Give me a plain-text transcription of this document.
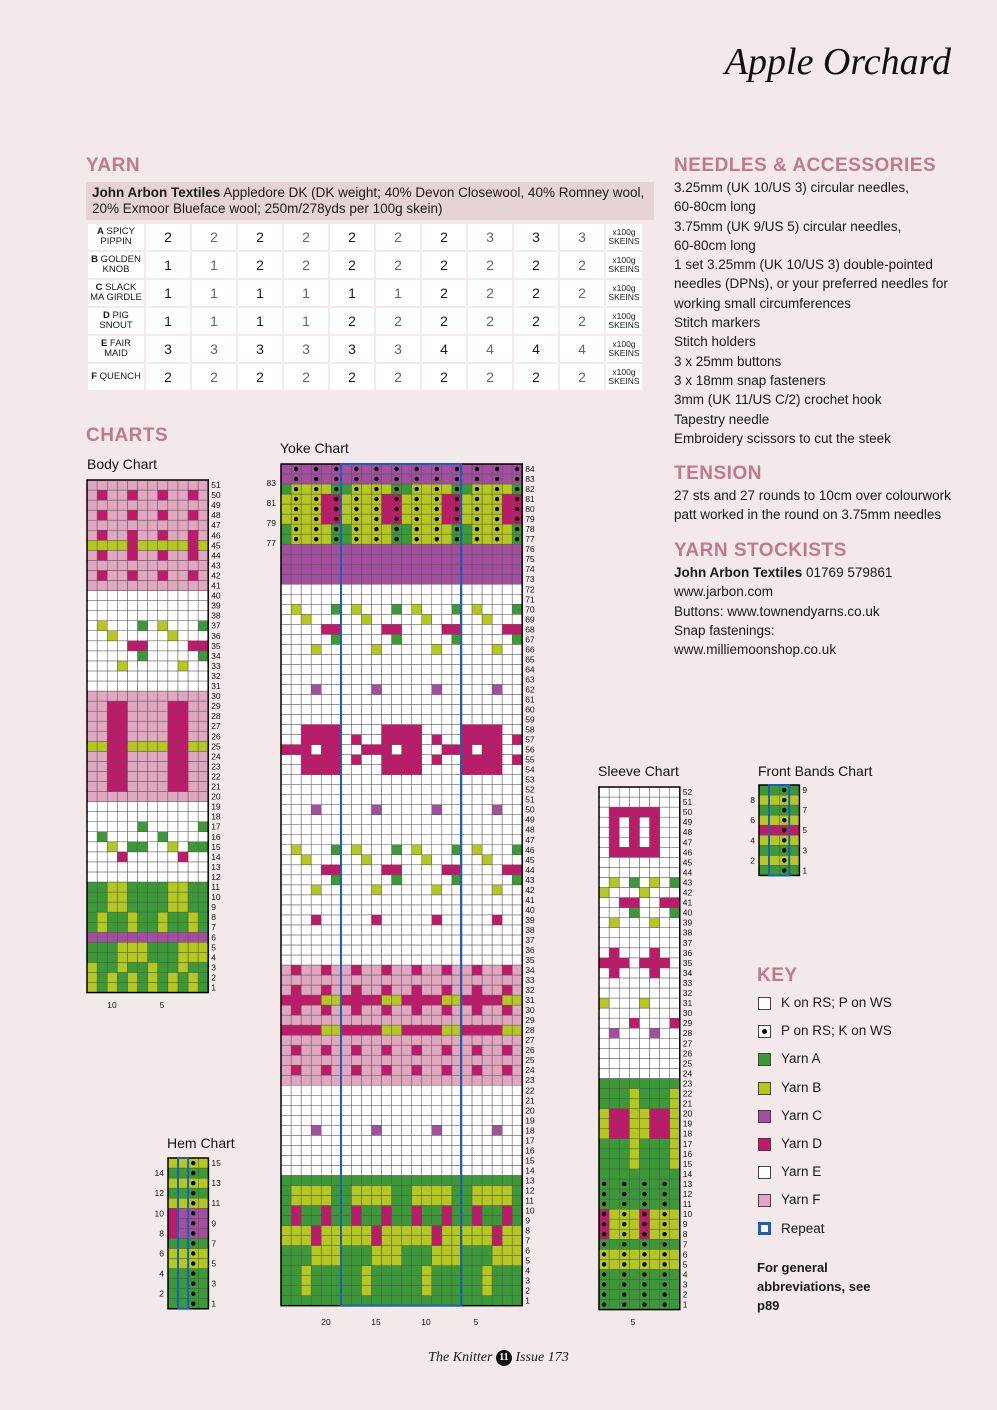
Apple Orchard
YARN
John Arbon Textiles Appledore DK (DK weight; 40% Devon Closewool, 40% Romney wool, 20% Exmoor Blueface wool; 250m/278yds per 100g skein)
A SPICY PIPPIN	2	2	2	2	2	2	2	3	3	3	x100g SKEINS
B GOLDEN KNOB	1	1	2	2	2	2	2	2	2	2	x100g SKEINS
C SLACK MA GIRDLE	1	1	1	1	1	1	2	2	2	2	x100g SKEINS
D PIG SNOUT	1	1	1	1	2	2	2	2	2	2	x100g SKEINS
E FAIR MAID	3	3	3	3	3	3	4	4	4	4	x100g SKEINS
F QUENCH	2	2	2	2	2	2	2	2	2	2	x100g SKEINS
NEEDLES & ACCESSORIES
3.25mm (UK 10/US 3) circular needles,
60-80cm long
3.75mm (UK 9/US 5) circular needles,
60-80cm long
1 set 3.25mm (UK 10/US 3) double-pointed
needles (DPNs), or your preferred needles for
working small circumferences
Stitch markers
Stitch holders
3 x 25mm buttons
3 x 18mm snap fasteners
3mm (UK 11/US C/2) crochet hook
Tapestry needle
Embroidery scissors to cut the steek
TENSION
27 sts and 27 rounds to 10cm over colourwork
patt worked in the round on 3.75mm needles
YARN STOCKISTS
John Arbon Textiles 01769 579861
www.jarbon.com
Buttons: www.townendyarns.co.uk
Snap fastenings:
www.milliemoonshop.co.uk
CHARTS
Body Chart
Yoke Chart
Sleeve Chart	Front Bands Chart
Hem Chart
1
2
3
4
5
6
7
8
9
10
11
12
13
14
15
16
17
18
19
20
21
22
23
24
25
26
27
28
29
30
31
32
33
34
35
36
37
38
39
40
41
42
43
44
45
46
47
48
49
50
51
10	5
1
2
3
4
5
6
7
8
9
10
11
12
13
14
15
16
17
18
19
20
21
22
23
24
25
26
27
28
29
30
31
32
33
34
35
36
37
38
39
40
41
42
43
44
45
46
47
48
49
50
51
52
53
54
55
56
57
58
59
60
61
62
63
64
65
66
67
68
69
70
71
72
73
74
75
76
77
78
79
80
81
82
83
84
20	15	10	5
77
79
81
83
1
2
3
4
5
6
7
8
9
10
11
12
13
14
15
16
17
18
19
20
21
22
23
24
25
26
27
28
29
30
31
32
33
34
35
36
37
38
39
40
41
42
43
44
45
46
47
48
49
50
51
52
5
1
2
3
4
5
6
7
8
9
10
11
12
13
14
15
1
2
3
4
5
6
7
8
9
KEY
K on RS; P on WS
P on RS; K on WS
Yarn A
Yarn B
Yarn C
Yarn D
Yarn E
Yarn F
Repeat
For general abbreviations, see p89
The Knitter 11 Issue 173
